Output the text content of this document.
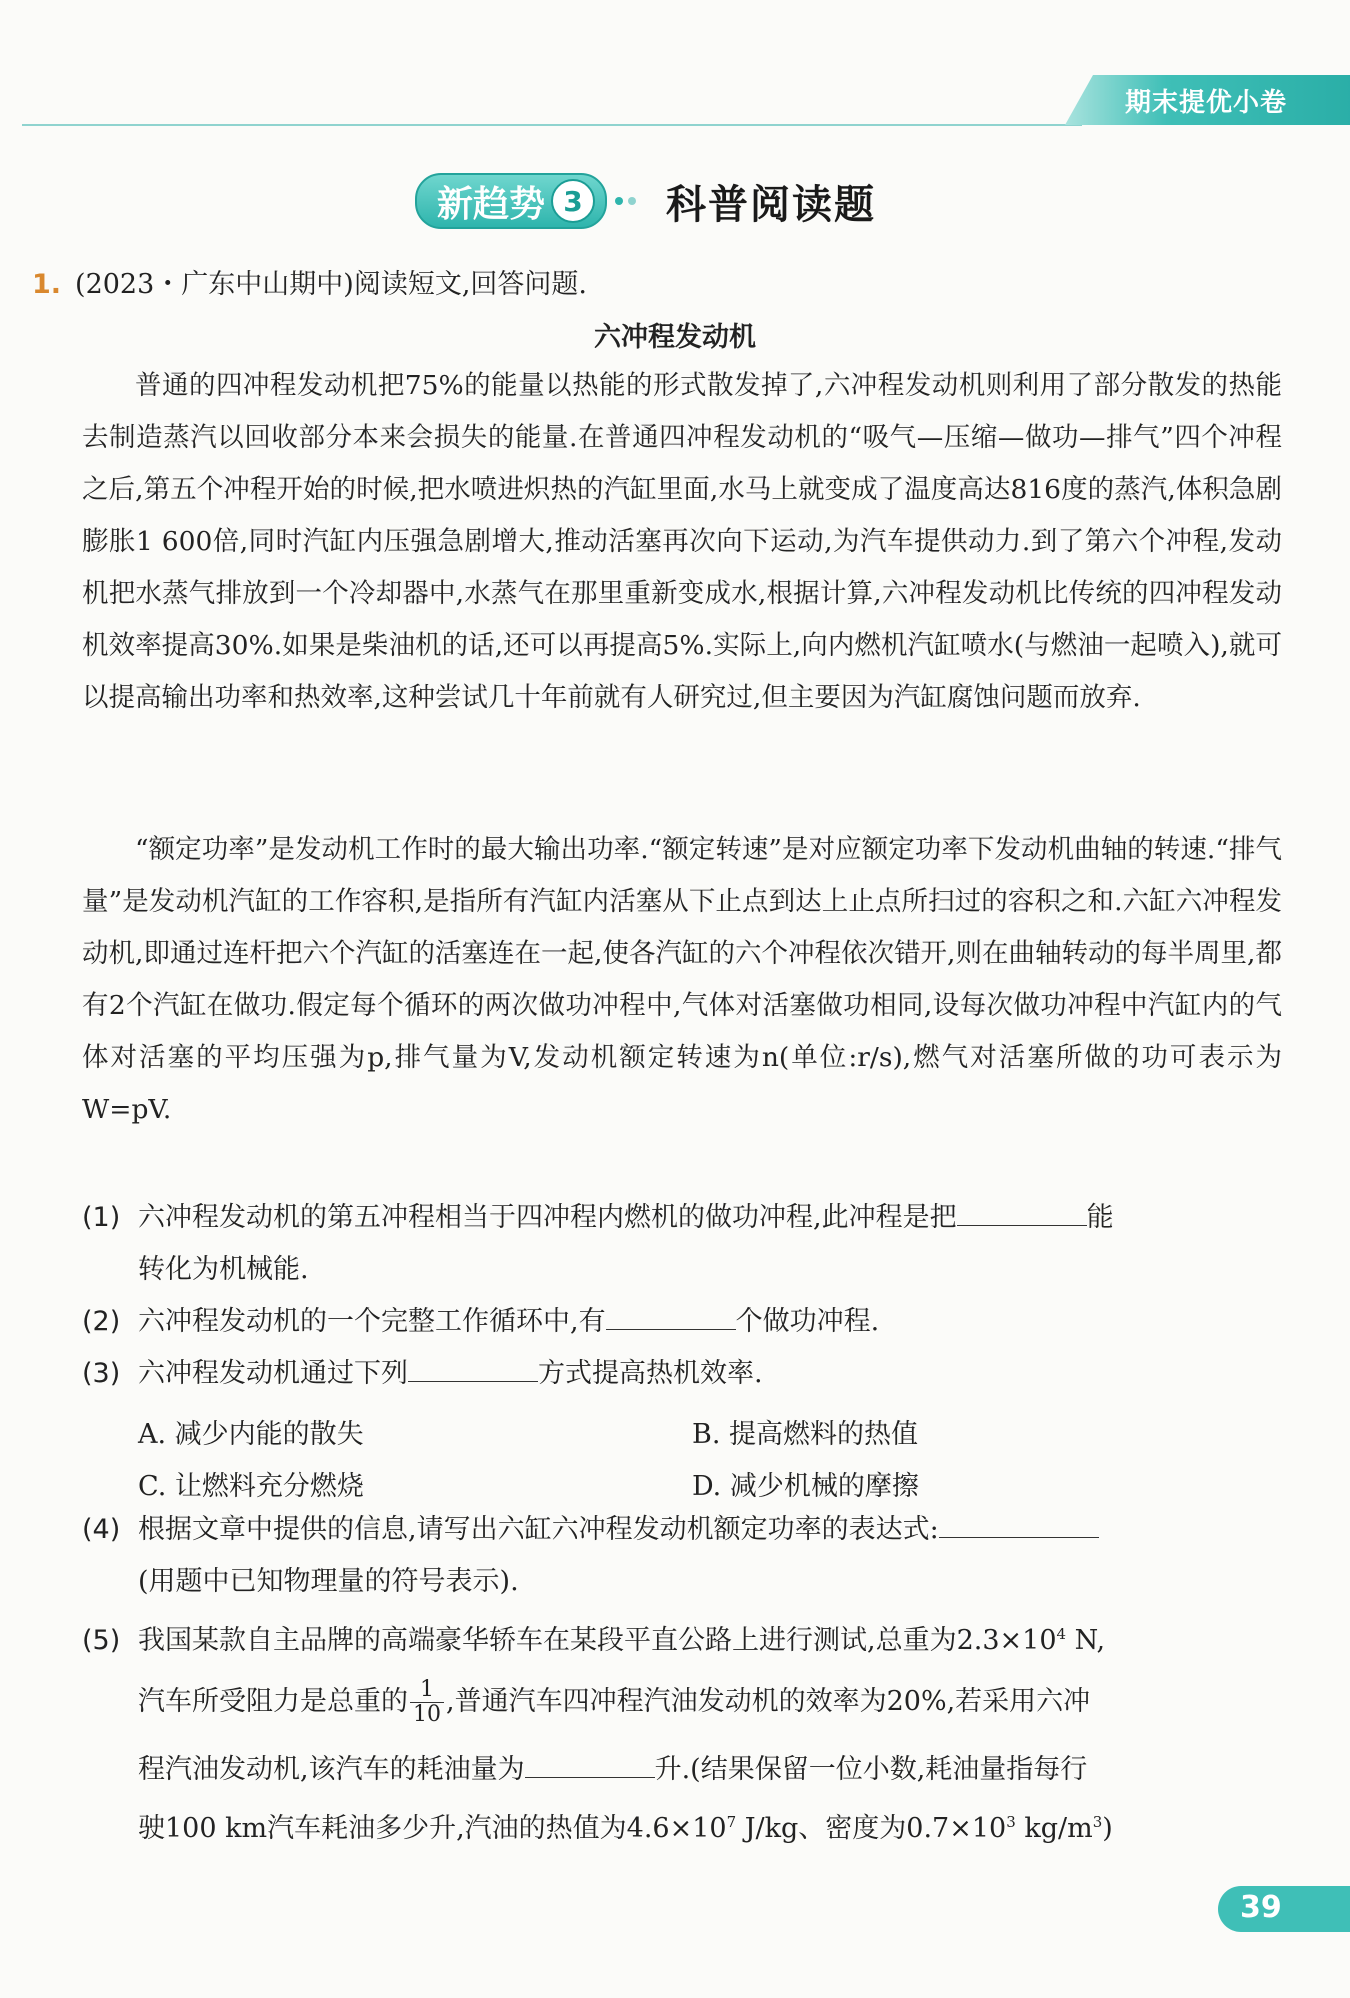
期末提优小卷
新趋势 3	科普阅读题
1. (2023・广东中山期中)阅读短文,回答问题.
六冲程发动机

普通的四冲程发动机把75%的能量以热能的形式散发掉了,六冲程发动机则利用了部分散发的热能去制造蒸汽以回收部分本来会损失的能量.在普通四冲程发动机的“吸气—压缩—做功—排气”四个冲程之后,第五个冲程开始的时候,把水喷进炽热的汽缸里面,水马上就变成了温度高达816度的蒸汽,体积急剧膨胀1 600倍,同时汽缸内压强急剧增大,推动活塞再次向下运动,为汽车提供动力.到了第六个冲程,发动机把水蒸气排放到一个冷却器中,水蒸气在那里重新变成水,根据计算,六冲程发动机比传统的四冲程发动机效率提高30%.如果是柴油机的话,还可以再提高5%.实际上,向内燃机汽缸喷水(与燃油一起喷入),就可以提高输出功率和热效率,这种尝试几十年前就有人研究过,但主要因为汽缸腐蚀问题而放弃.

“额定功率”是发动机工作时的最大输出功率.“额定转速”是对应额定功率下发动机曲轴的转速.“排气量”是发动机汽缸的工作容积,是指所有汽缸内活塞从下止点到达上止点所扫过的容积之和.六缸六冲程发动机,即通过连杆把六个汽缸的活塞连在一起,使各汽缸的六个冲程依次错开,则在曲轴转动的每半周里,都有2个汽缸在做功.假定每个循环的两次做功冲程中,气体对活塞做功相同,设每次做功冲程中汽缸内的气体对活塞的平均压强为p,排气量为V,发动机额定转速为n(单位:r/s),燃气对活塞所做的功可表示为W=pV.

(1) 六冲程发动机的第五冲程相当于四冲程内燃机的做功冲程,此冲程是把	能
转化为机械能.
(2) 六冲程发动机的一个完整工作循环中,有	个做功冲程.
(3) 六冲程发动机通过下列	方式提高热机效率.
A. 减少内能的散失	B. 提高燃料的热值
C. 让燃料充分燃烧	D. 减少机械的摩擦
(4) 根据文章中提供的信息,请写出六缸六冲程发动机额定功率的表达式:
(用题中已知物理量的符号表示).
(5) 我国某款自主品牌的高端豪华轿车在某段平直公路上进行测试,总重为$2.3\times 10^4$ N,
汽车所受阻力是总重的 $\frac{1}{10}$ ,普通汽车四冲程汽油发动机的效率为20%,若采用六冲
程汽油发动机,该汽车的耗油量为	升.(结果保留一位小数,耗油量指每行
驶100 km汽车耗油多少升,汽油的热值为$4.6\times 10^7$ J/kg、密度为$0.7\times 10^3$ $kg/m^3$)
39
